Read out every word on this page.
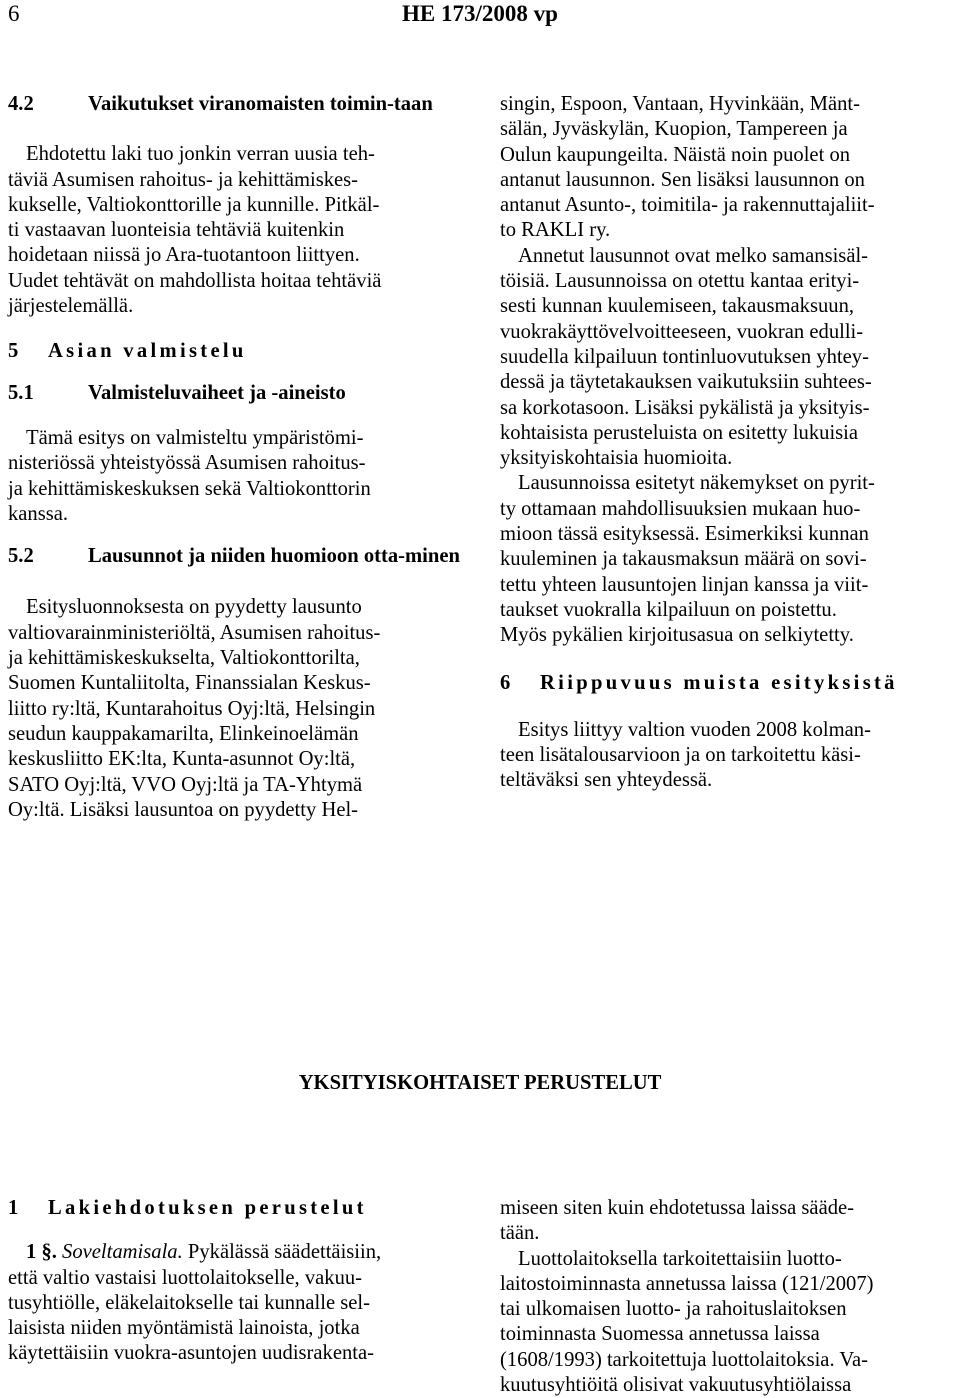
6	HE 173/2008 vp
4.2	Vaikutukset viranomaisten toimin-taan

Ehdotettu laki tuo jonkin verran uusia teh-
täviä Asumisen rahoitus- ja kehittämiskes-
kukselle, Valtiokonttorille ja kunnille. Pitkäl-
ti vastaavan luonteisia tehtäviä kuitenkin
hoidetaan niissä jo Ara-tuotantoon liittyen.
Uudet tehtävät on mahdollista hoitaa tehtäviä
järjestelemällä.

5 Asian valmistelu
5.1	Valmisteluvaiheet ja -aineisto

Tämä esitys on valmisteltu ympäristömi-
nisteriössä yhteistyössä Asumisen rahoitus-
ja kehittämiskeskuksen sekä Valtiokonttorin
kanssa.

5.2	Lausunnot ja niiden huomioon otta-minen

Esitysluonnoksesta on pyydetty lausunto
valtiovarainministeriöltä, Asumisen rahoitus-
ja kehittämiskeskukselta, Valtiokonttorilta,
Suomen Kuntaliitolta, Finanssialan Keskus-
liitto ry:ltä, Kuntarahoitus Oyj:ltä, Helsingin
seudun kauppakamarilta, Elinkeinoelämän
keskusliitto EK:lta, Kunta-asunnot Oy:ltä,
SATO Oyj:ltä, VVO Oyj:ltä ja TA-Yhtymä
Oy:ltä. Lisäksi lausuntoa on pyydetty Hel-

singin, Espoon, Vantaan, Hyvinkään, Mänt-
sälän, Jyväskylän, Kuopion, Tampereen ja
Oulun kaupungeilta. Näistä noin puolet on
antanut lausunnon. Sen lisäksi lausunnon on
antanut Asunto-, toimitila- ja rakennuttajaliit-
to RAKLI ry.

Annetut lausunnot ovat melko samansisäl-
töisiä. Lausunnoissa on otettu kantaa erityi-
sesti kunnan kuulemiseen, takausmaksuun,
vuokrakäyttövelvoitteeseen, vuokran edulli-
suudella kilpailuun tontinluovutuksen yhtey-
dessä ja täytetakauksen vaikutuksiin suhtees-
sa korkotasoon. Lisäksi pykälistä ja yksityis-
kohtaisista perusteluista on esitetty lukuisia
yksityiskohtaisia huomioita.

Lausunnoissa esitetyt näkemykset on pyrit-
ty ottamaan mahdollisuuksien mukaan huo-
mioon tässä esityksessä. Esimerkiksi kunnan
kuuleminen ja takausmaksun määrä on sovi-
tettu yhteen lausuntojen linjan kanssa ja viit-
taukset vuokralla kilpailuun on poistettu.
Myös pykälien kirjoitusasua on selkiytetty.

6 Riippuvuus muista esityksistä

Esitys liittyy valtion vuoden 2008 kolman-
teen lisätalousarvioon ja on tarkoitettu käsi-
teltäväksi sen yhteydessä.

YKSITYISKOHTAISET PERUSTELUT
1 Lakiehdotuksen perustelut

1 §. Soveltamisala. Pykälässä säädettäisiin,
että valtio vastaisi luottolaitokselle, vakuu-
tusyhtiölle, eläkelaitokselle tai kunnalle sel-
laisista niiden myöntämistä lainoista, jotka
käytettäisiin vuokra-asuntojen uudisrakenta-

miseen siten kuin ehdotetussa laissa sääde-
tään.

Luottolaitoksella tarkoitettaisiin luotto-
laitostoiminnasta annetussa laissa (121/2007)
tai ulkomaisen luotto- ja rahoituslaitoksen
toiminnasta Suomessa annetussa laissa
(1608/1993) tarkoitettuja luottolaitoksia. Va-
kuutusyhtiöitä olisivat vakuutusyhtiölaissa
